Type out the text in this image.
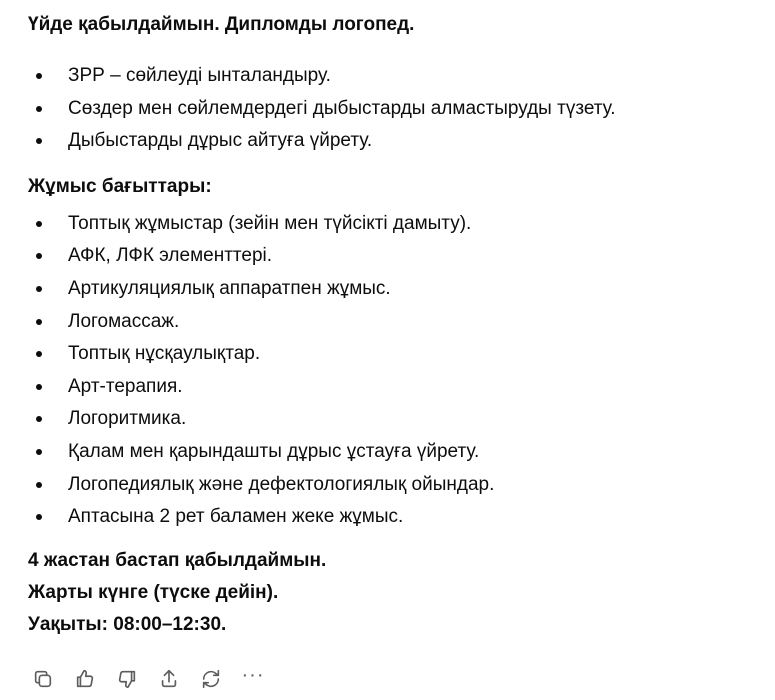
Үйде қабылдаймын. Дипломды логопед.

ЗРР – сөйлеуді ынталандыру.
Сөздер мен сөйлемдердегі дыбыстарды алмастыруды түзету.
Дыбыстарды дұрыс айтуға үйрету.

Жұмыс бағыттары:

Топтық жұмыстар (зейін мен түйсікті дамыту).
АФК, ЛФК элементтері.
Артикуляциялық аппаратпен жұмыс.
Логомассаж.
Топтық нұсқаулықтар.
Арт-терапия.
Логоритмика.
Қалам мен қарындашты дұрыс ұстауға үйрету.
Логопедиялық және дефектологиялық ойындар.
Аптасына 2 рет баламен жеке жұмыс.

4 жастан бастап қабылдаймын.

Жарты күнге (түске дейін).

Уақыты: 08:00–12:30.

···
